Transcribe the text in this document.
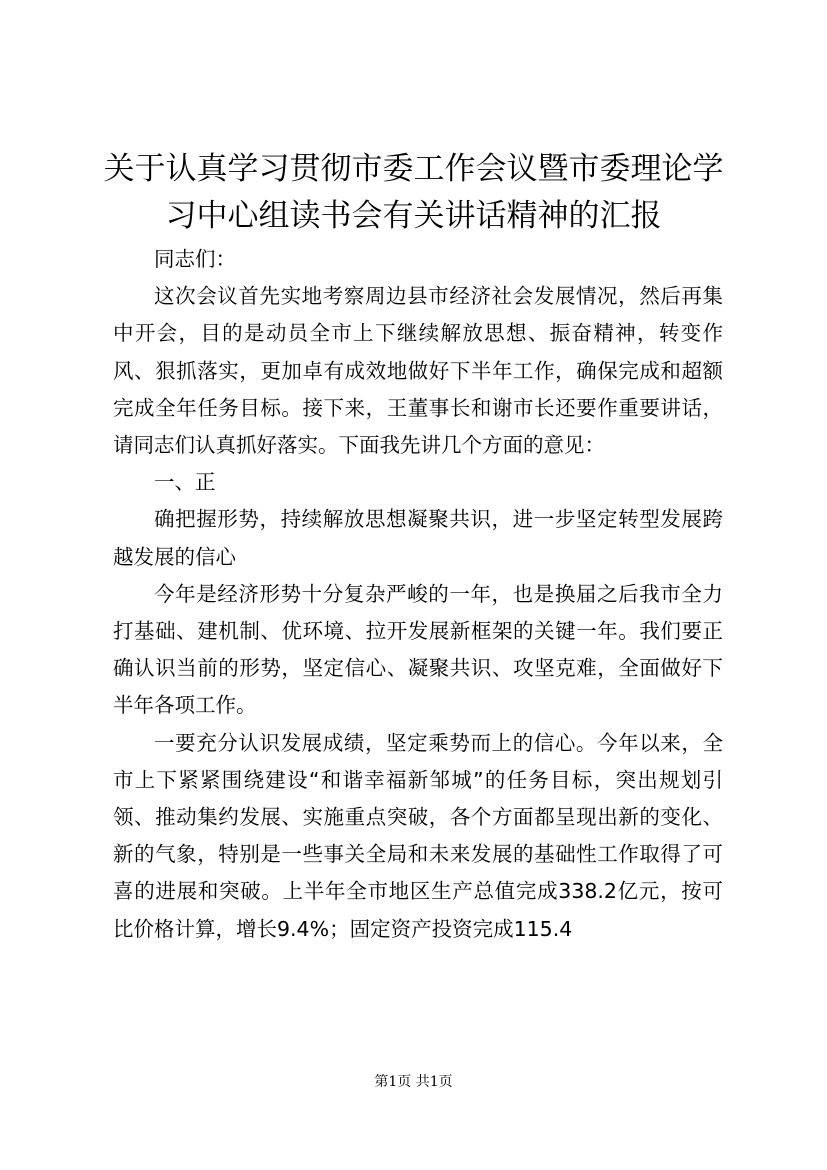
关于认真学习贯彻市委工作会议暨市委理论学习中心组读书会有关讲话精神的汇报

同志们：

这次会议首先实地考察周边县市经济社会发展情况，然后再集中开会，目的是动员全市上下继续解放思想、振奋精神，转变作风、狠抓落实，更加卓有成效地做好下半年工作，确保完成和超额完成全年任务目标。接下来，王董事长和谢市长还要作重要讲话，请同志们认真抓好落实。下面我先讲几个方面的意见：

一、正

确把握形势，持续解放思想凝聚共识，进一步坚定转型发展跨越发展的信心

今年是经济形势十分复杂严峻的一年，也是换届之后我市全力打基础、建机制、优环境、拉开发展新框架的关键一年。我们要正确认识当前的形势，坚定信心、凝聚共识、攻坚克难，全面做好下半年各项工作。

一要充分认识发展成绩，坚定乘势而上的信心。今年以来，全市上下紧紧围绕建设“和谐幸福新邹城”的任务目标，突出规划引领、推动集约发展、实施重点突破，各个方面都呈现出新的变化、新的气象，特别是一些事关全局和未来发展的基础性工作取得了可喜的进展和突破。上半年全市地区生产总值完成338.2亿元，按可比价格计算，增长9.4%；固定资产投资完成115.4

第1页 共1页
